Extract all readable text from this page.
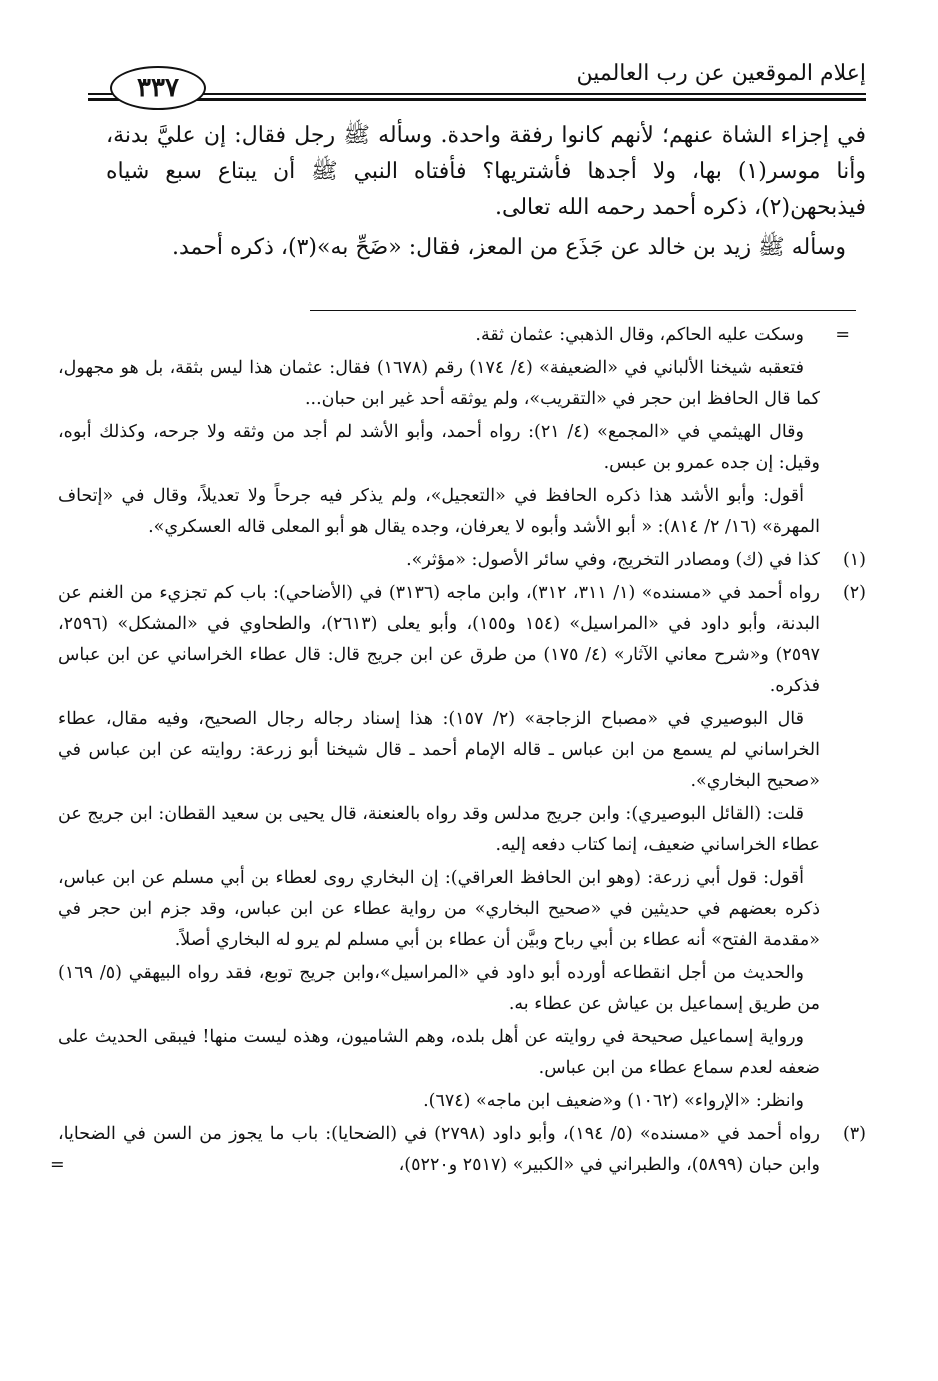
إعلام الموقعين عن رب العالمين
٣٣٧

في إجزاء الشاة عنهم؛ لأنهم كانوا رفقة واحدة. وسأله ﷺ رجل فقال: إن عليَّ بدنة، وأنا موسر(١) بها، ولا أجدها فأشتريها؟ فأفتاه النبي ﷺ أن يبتاع سبع شياه فيذبحهن(٢)، ذكره أحمد رحمه الله تعالى.

وسأله ﷺ زيد بن خالد عن جَذَع من المعز، فقال: «ضَحِّ به»(٣)، ذكره أحمد.

=
وسكت عليه الحاكم، وقال الذهبي: عثمان ثقة.
فتعقبه شيخنا الألباني في «الضعيفة» (٤/ ١٧٤) رقم (١٦٧٨) فقال: عثمان هذا ليس بثقة، بل هو مجهول، كما قال الحافظ ابن حجر في «التقريب»، ولم يوثقه أحد غير ابن حبان...
وقال الهيثمي في «المجمع» (٤/ ٢١): رواه أحمد، وأبو الأشد لم أجد من وثقه ولا جرحه، وكذلك أبوه، وقيل: إن جده عمرو بن عبس.
أقول: وأبو الأشد هذا ذكره الحافظ في «التعجيل»، ولم يذكر فيه جرحاً ولا تعديلاً، وقال في «إتحاف المهرة» (١٦/ ٢/ ٨١٤): « أبو الأشد وأبوه لا يعرفان، وجده يقال هو أبو المعلى قاله العسكري».
(١)
كذا في (ك) ومصادر التخريج، وفي سائر الأصول: «مؤثر».
(٢)
رواه أحمد في «مسنده» (١/ ٣١١، ٣١٢)، وابن ماجه (٣١٣٦) في (الأضاحي): باب كم تجزيء من الغنم عن البدنة، وأبو داود في «المراسيل» (١٥٤ و١٥٥)، وأبو يعلى (٢٦١٣)، والطحاوي في «المشكل» (٢٥٩٦، ٢٥٩٧) و«شرح معاني الآثار» (٤/ ١٧٥) من طرق عن ابن جريج قال: قال عطاء الخراساني عن ابن عباس فذكره.
قال البوصيري في «مصباح الزجاجة» (٢/ ١٥٧): هذا إسناد رجاله رجال الصحيح، وفيه مقال، عطاء الخراساني لم يسمع من ابن عباس ـ قاله الإمام أحمد ـ قال شيخنا أبو زرعة: روايته عن ابن عباس في «صحيح البخاري».
قلت: (القائل البوصيري): وابن جريج مدلس وقد رواه بالعنعنة، قال يحيى بن سعيد القطان: ابن جريج عن عطاء الخراساني ضعيف، إنما كتاب دفعه إليه.
أقول: قول أبي زرعة: (وهو ابن الحافظ العراقي): إن البخاري روى لعطاء بن أبي مسلم عن ابن عباس، ذكره بعضهم في حديثين في «صحيح البخاري» من رواية عطاء عن ابن عباس، وقد جزم ابن حجر في «مقدمة الفتح» أنه عطاء بن أبي رباح وبيَّن أن عطاء بن أبي مسلم لم يرو له البخاري أصلاً.
والحديث من أجل انقطاعه أورده أبو داود في «المراسيل»،وابن جريج توبع، فقد رواه البيهقي (٥/ ١٦٩) من طريق إسماعيل بن عياش عن عطاء به.
ورواية إسماعيل صحيحة في روايته عن أهل بلده، وهم الشاميون، وهذه ليست منها! فيبقى الحديث على ضعفه لعدم سماع عطاء من ابن عباس.
وانظر: «الإرواء» (١٠٦٢) و«ضعيف ابن ماجه» (٦٧٤).
(٣)
رواه أحمد في «مسنده» (٥/ ١٩٤)، وأبو داود (٢٧٩٨) في (الضحايا): باب ما يجوز من السن في الضحايا، وابن حبان (٥٨٩٩)، والطبراني في «الكبير» (٢٥١٧ و٥٢٢٠)،
=
